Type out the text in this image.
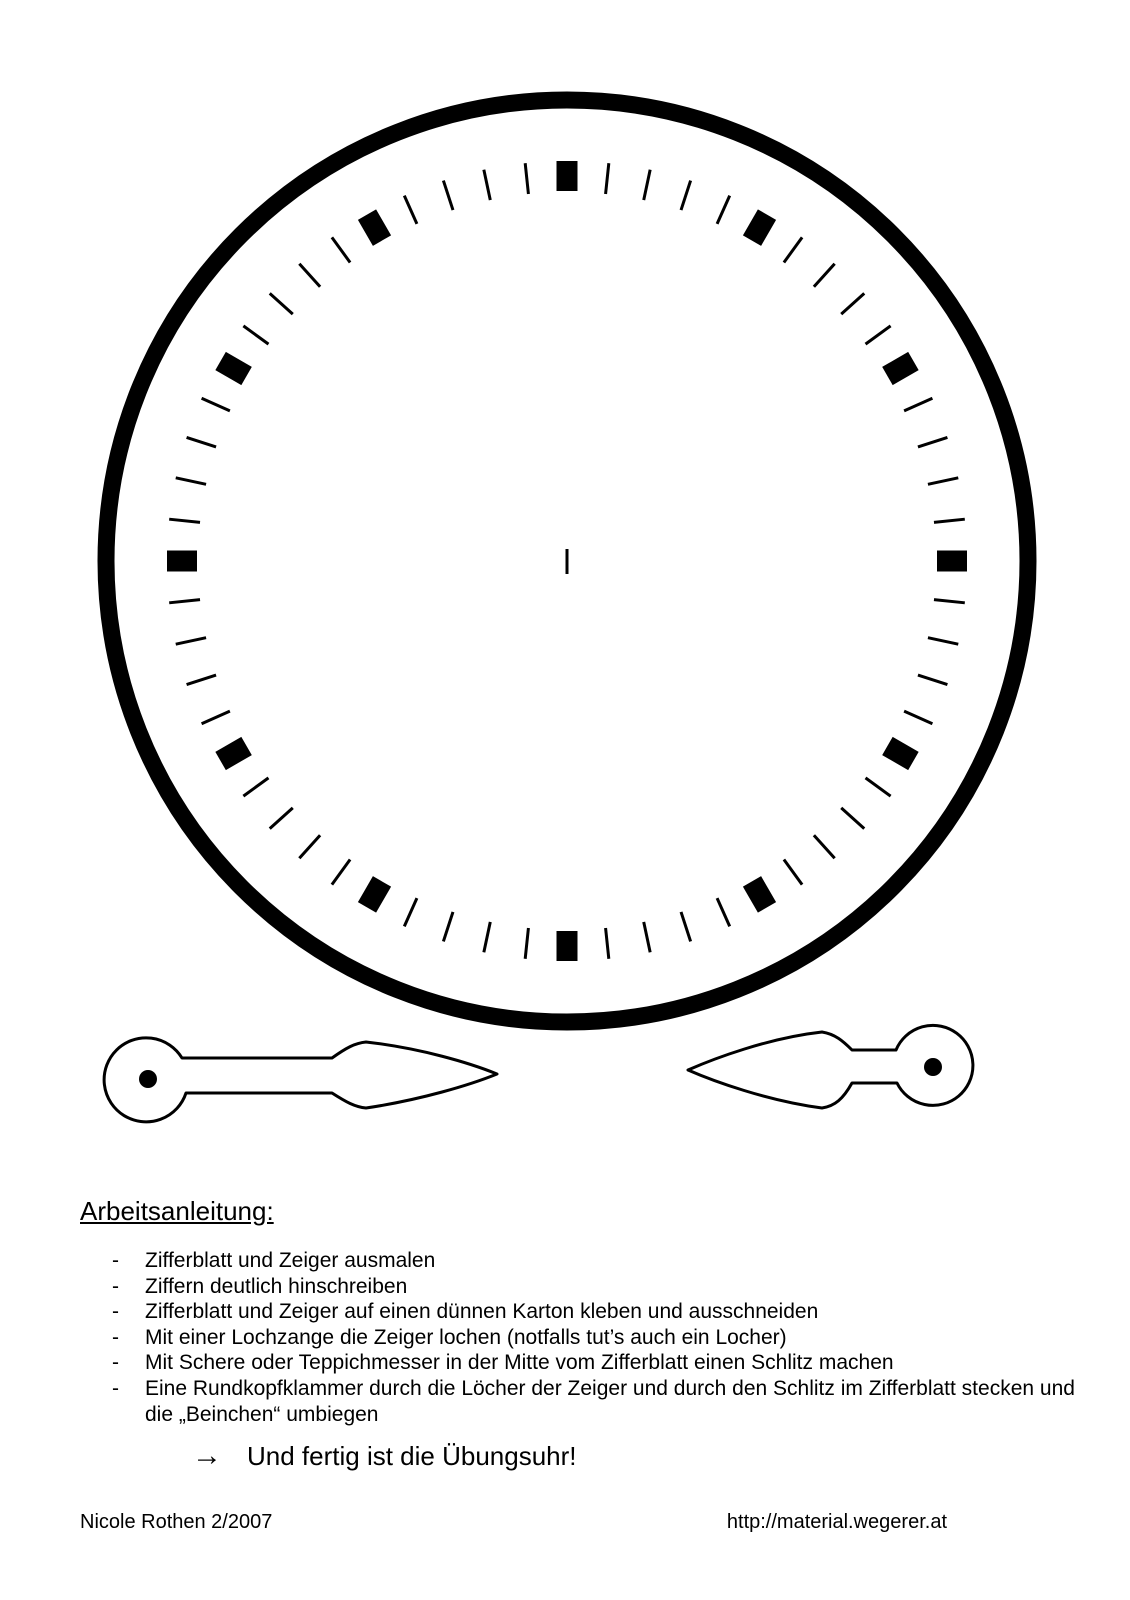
Arbeitsanleitung:
-	Zifferblatt und Zeiger ausmalen
-	Ziffern deutlich hinschreiben
-	Zifferblatt und Zeiger auf einen dünnen Karton kleben und ausschneiden
-	Mit einer Lochzange die Zeiger lochen (notfalls tut’s auch ein Locher)
-	Mit Schere oder Teppichmesser in der Mitte vom Zifferblatt einen Schlitz machen
-	Eine Rundkopfklammer durch die Löcher der Zeiger und durch den Schlitz im Zifferblatt stecken und die „Beinchen“ umbiegen
→ Und fertig ist die Übungsuhr!
Nicole Rothen 2/2007	http://material.wegerer.at
